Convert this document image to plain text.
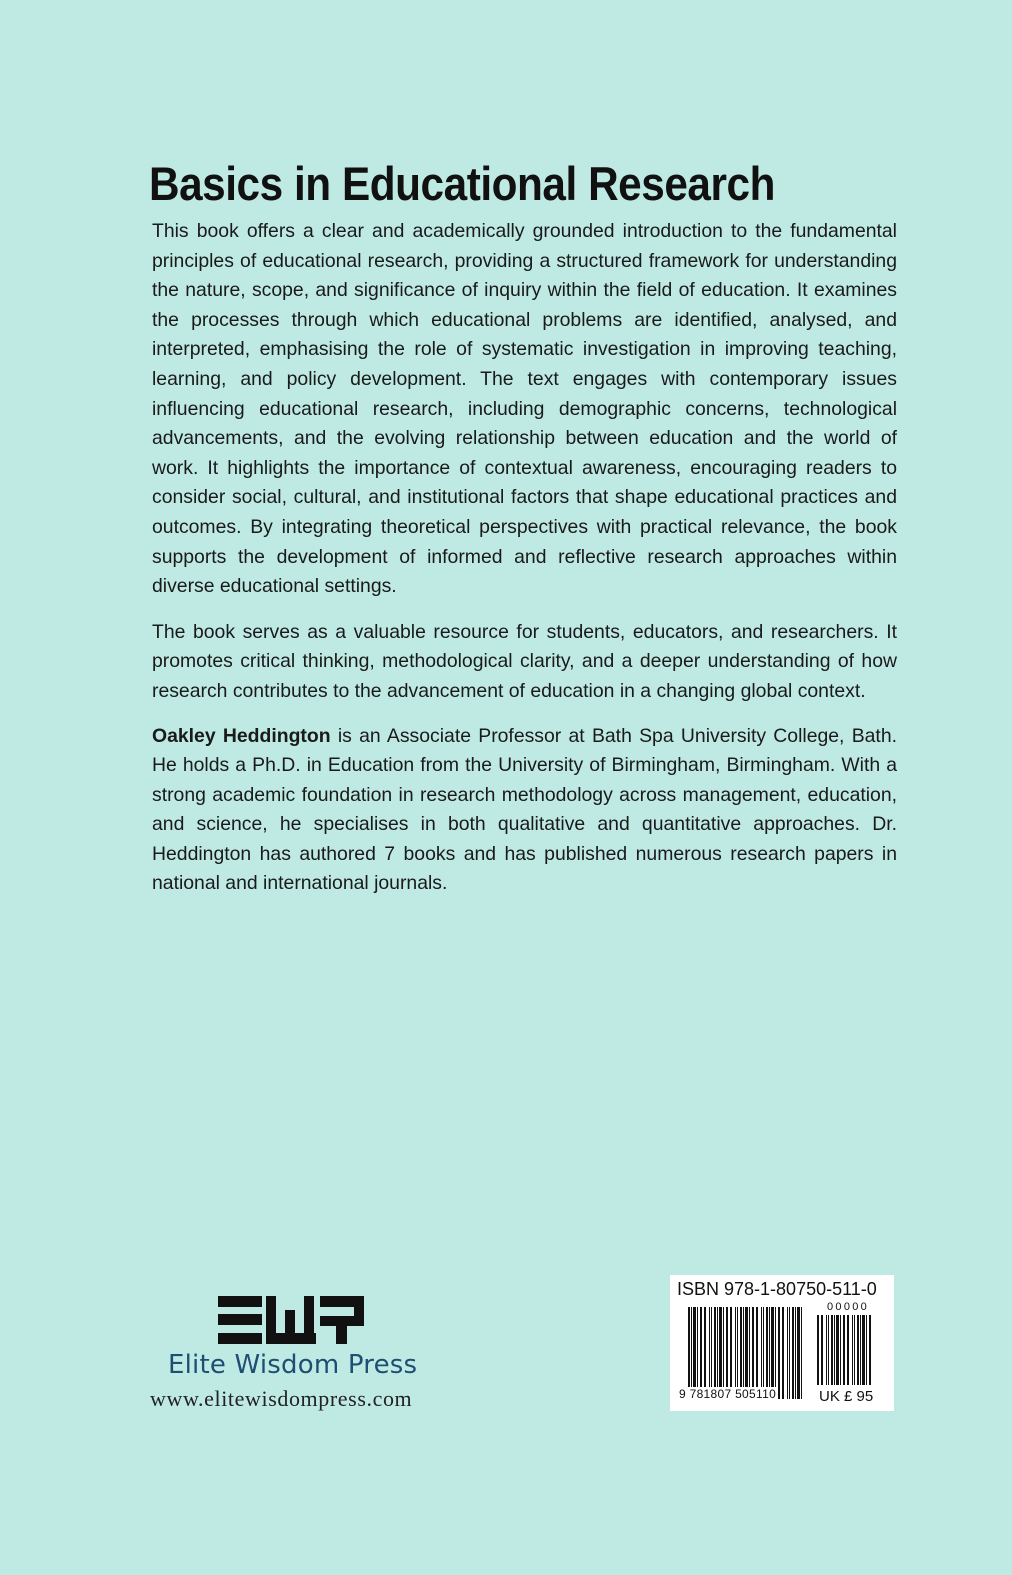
Basics in Educational Research

This book offers a clear and academically grounded introduction to the fundamental principles of educational research, providing a structured framework for understanding the nature, scope, and significance of inquiry within the field of education. It examines the processes through which educational problems are identified, analysed, and interpreted, emphasising the role of systematic investigation in improving teaching, learning, and policy development. The text engages with contemporary issues influencing educational research, including demographic concerns, technological advancements, and the evolving relationship between education and the world of work. It highlights the importance of contextual awareness, encouraging readers to consider social, cultural, and institutional factors that shape educational practices and outcomes. By integrating theoretical perspectives with practical relevance, the book supports the development of informed and reflective research approaches within diverse educational settings.

The book serves as a valuable resource for students, educators, and researchers. It promotes critical thinking, methodological clarity, and a deeper understanding of how research contributes to the advancement of education in a changing global context.

Oakley Heddington is an Associate Professor at Bath Spa University College, Bath. He holds a Ph.D. in Education from the University of Birmingham, Birmingham. With a strong academic foundation in research methodology across management, education, and science, he specialises in both qualitative and quantitative approaches. Dr. Heddington has authored 7 books and has published numerous research papers in national and international journals.

Elite Wisdom Press
www.elitewisdompress.com
ISBN 978-1-80750-511-0
00000
9 781807 505110	UK £ 95
